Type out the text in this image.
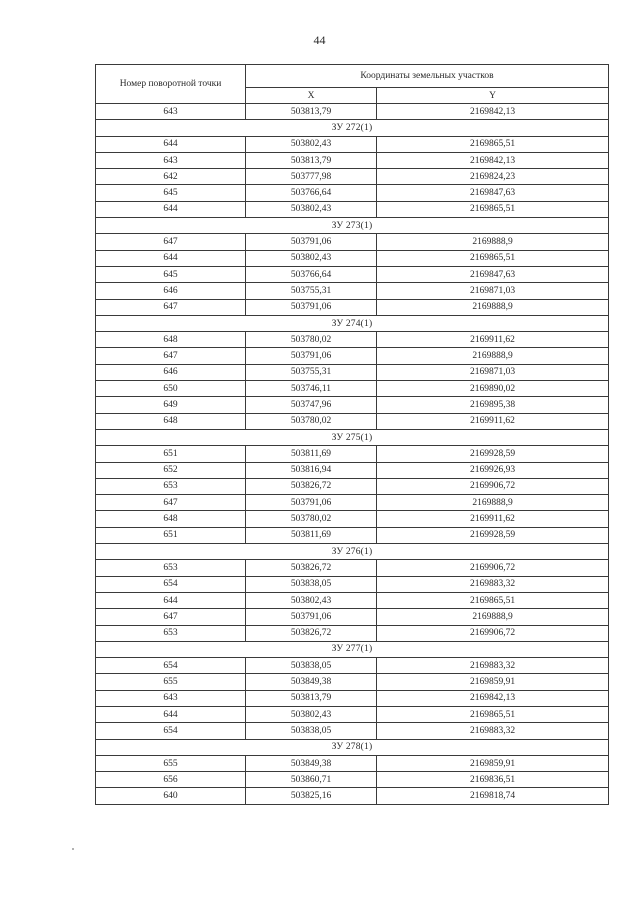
44
Номер поворотной точки	Координаты земельных участков	
	X	Y
643	503813,79	2169842,13
ЗУ 272(1)		
644	503802,43	2169865,51
643	503813,79	2169842,13
642	503777,98	2169824,23
645	503766,64	2169847,63
644	503802,43	2169865,51
ЗУ 273(1)		
647	503791,06	2169888,9
644	503802,43	2169865,51
645	503766,64	2169847,63
646	503755,31	2169871,03
647	503791,06	2169888,9
ЗУ 274(1)		
648	503780,02	2169911,62
647	503791,06	2169888,9
646	503755,31	2169871,03
650	503746,11	2169890,02
649	503747,96	2169895,38
648	503780,02	2169911,62
ЗУ 275(1)		
651	503811,69	2169928,59
652	503816,94	2169926,93
653	503826,72	2169906,72
647	503791,06	2169888,9
648	503780,02	2169911,62
651	503811,69	2169928,59
ЗУ 276(1)		
653	503826,72	2169906,72
654	503838,05	2169883,32
644	503802,43	2169865,51
647	503791,06	2169888,9
653	503826,72	2169906,72
ЗУ 277(1)		
654	503838,05	2169883,32
655	503849,38	2169859,91
643	503813,79	2169842,13
644	503802,43	2169865,51
654	503838,05	2169883,32
ЗУ 278(1)		
655	503849,38	2169859,91
656	503860,71	2169836,51
640	503825,16	2169818,74
